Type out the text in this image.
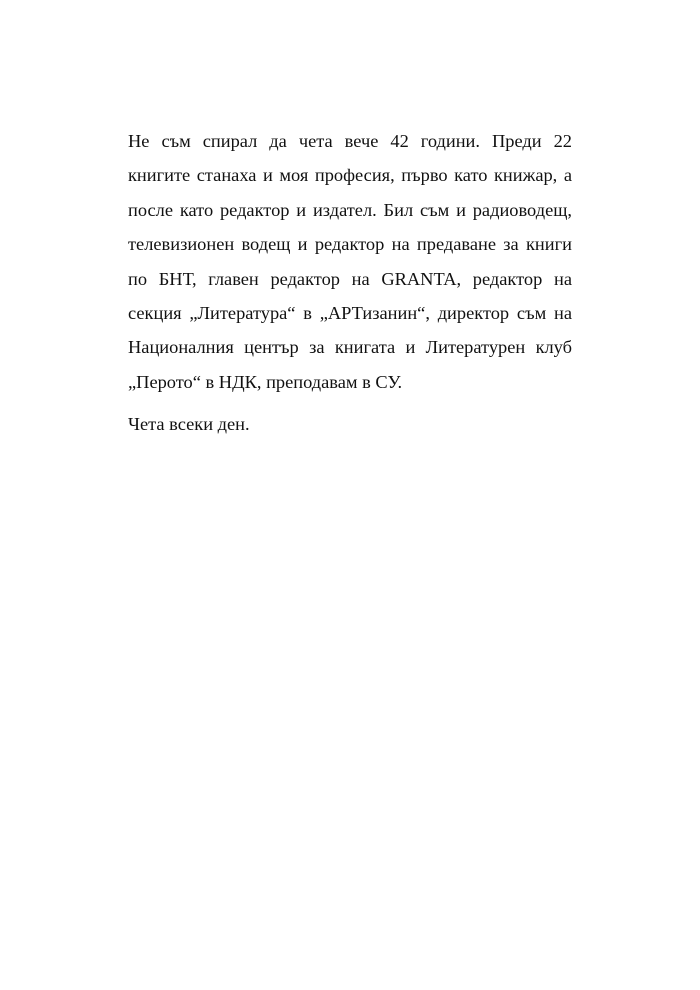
Не съм спирал да чета вече 42 години. Преди 22
книгите станаха и моя професия, първо като книжар, а
после като редактор и издател. Бил съм и радиоводещ,
телевизионен водещ и редактор на предаване за книги
по БНТ, главен редактор на GRANTA, редактор на
секция „Литература“ в „АРТизанин“, директор съм на
Националния център за книгата и Литературен клуб
„Перото“ в НДК, преподавам в СУ.
Чета всеки ден.
